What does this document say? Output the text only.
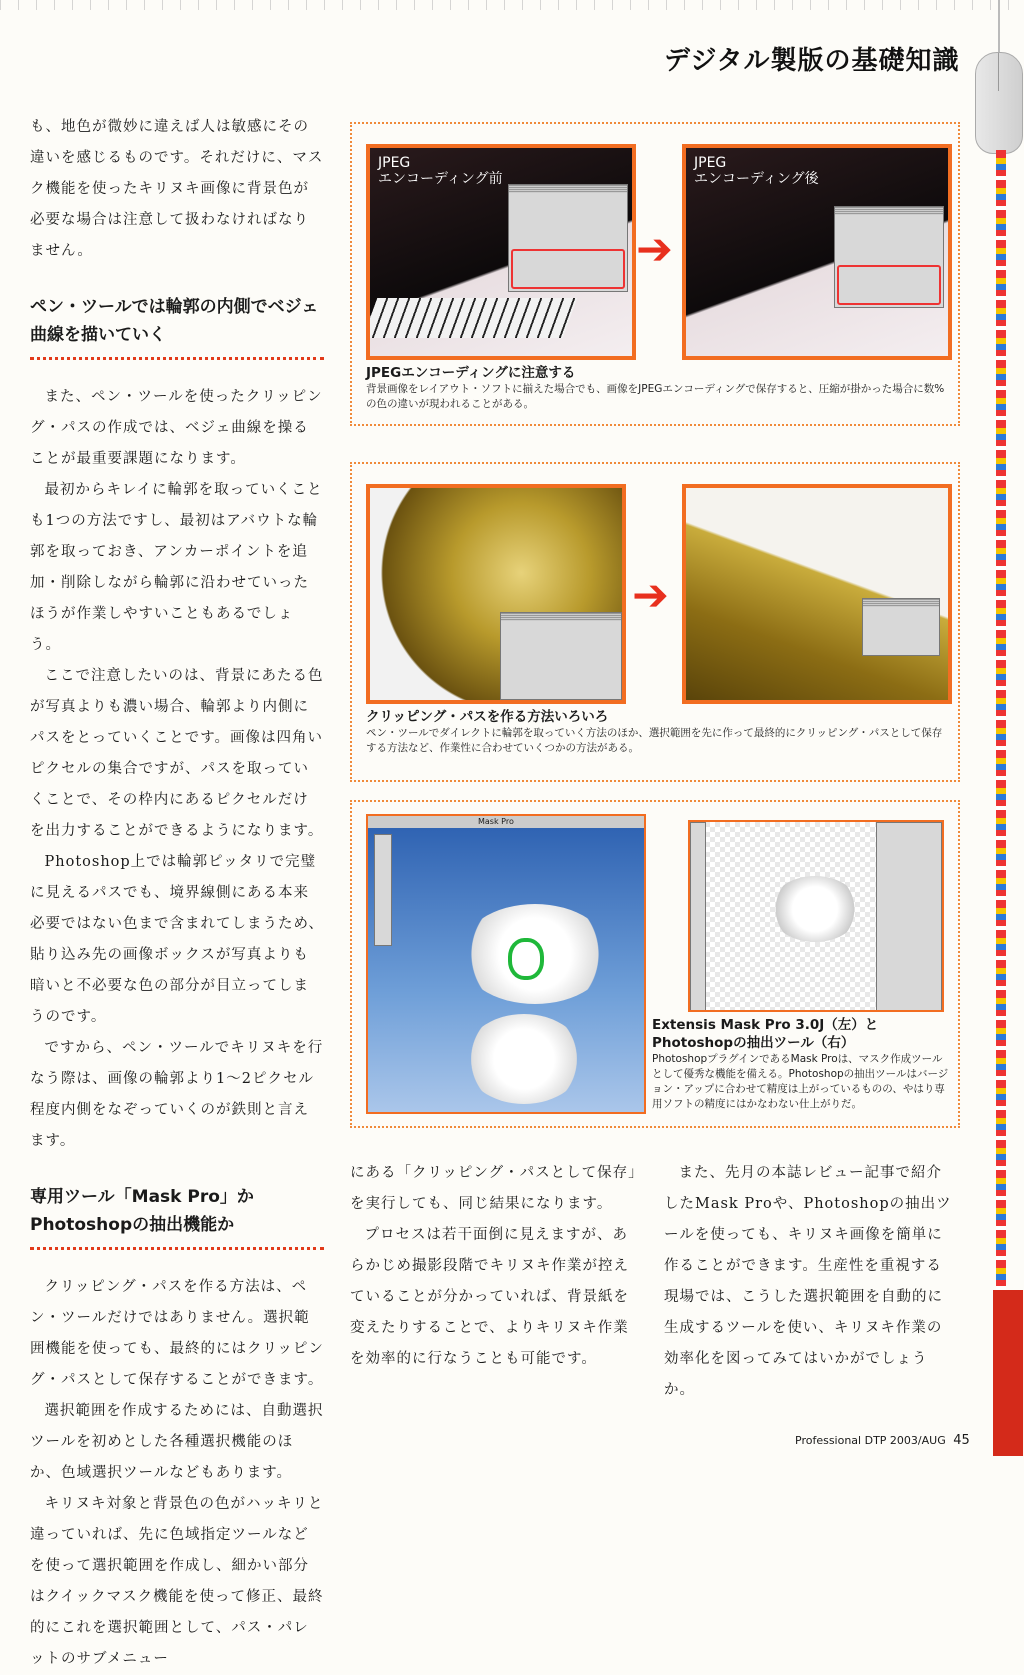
デジタル製版の基礎知識

も、地色が微妙に違えば人は敏感にその違いを感じるものです。それだけに、マスク機能を使ったキリヌキ画像に背景色が必要な場合は注意して扱わなければなりません。

ペン・ツールでは輪郭の内側でベジェ曲線を描いていく

また、ペン・ツールを使ったクリッピング・パスの作成では、ベジェ曲線を操ることが最重要課題になります。

最初からキレイに輪郭を取っていくことも1つの方法ですし、最初はアバウトな輪郭を取っておき、アンカーポイントを追加・削除しながら輪郭に沿わせていったほうが作業しやすいこともあるでしょう。

ここで注意したいのは、背景にあたる色が写真よりも濃い場合、輪郭より内側にパスをとっていくことです。画像は四角いピクセルの集合ですが、パスを取っていくことで、その枠内にあるピクセルだけを出力することができるようになります。

Photoshop上では輪郭ピッタリで完璧に見えるパスでも、境界線側にある本来必要ではない色まで含まれてしまうため、貼り込み先の画像ボックスが写真よりも暗いと不必要な色の部分が目立ってしまうのです。

ですから、ペン・ツールでキリヌキを行なう際は、画像の輪郭より1～2ピクセル程度内側をなぞっていくのが鉄則と言えます。

専用ツール「Mask Pro」かPhotoshopの抽出機能か

クリッピング・パスを作る方法は、ペン・ツールだけではありません。選択範囲機能を使っても、最終的にはクリッピング・パスとして保存することができます。

選択範囲を作成するためには、自動選択ツールを初めとした各種選択機能のほか、色域選択ツールなどもあります。

キリヌキ対象と背景色の色がハッキリと違っていれば、先に色域指定ツールなどを使って選択範囲を作成し、細かい部分はクイックマスク機能を使って修正、最終的にこれを選択範囲として、パス・パレットのサブメニュー

JPEG
エンコーディング前
➔
JPEG
エンコーディング後
JPEGエンコーディングに注意する
背景画像をレイアウト・ソフトに揃えた場合でも、画像をJPEGエンコーディングで保存すると、圧縮が掛かった場合に数%の色の違いが現われることがある。
➔
クリッピング・パスを作る方法いろいろ
ペン・ツールでダイレクトに輪郭を取っていく方法のほか、選択範囲を先に作って最終的にクリッピング・パスとして保存する方法など、作業性に合わせていくつかの方法がある。
Mask Pro
Extensis Mask Pro 3.0J（左）とPhotoshopの抽出ツール（右）
PhotoshopプラグインであるMask Proは、マスク作成ツールとして優秀な機能を備える。Photoshopの抽出ツールはバージョン・アップに合わせて精度は上がっているものの、やはり専用ソフトの精度にはかなわない仕上がりだ。

にある「クリッピング・パスとして保存」を実行しても、同じ結果になります。

プロセスは若干面倒に見えますが、あらかじめ撮影段階でキリヌキ作業が控えていることが分かっていれば、背景紙を変えたりすることで、よりキリヌキ作業を効率的に行なうことも可能です。

また、先月の本誌レビュー記事で紹介したMask Proや、Photoshopの抽出ツールを使っても、キリヌキ画像を簡単に作ることができます。生産性を重視する現場では、こうした選択範囲を自動的に生成するツールを使い、キリヌキ作業の効率化を図ってみてはいかがでしょうか。

Professional DTP 2003/AUG 45
